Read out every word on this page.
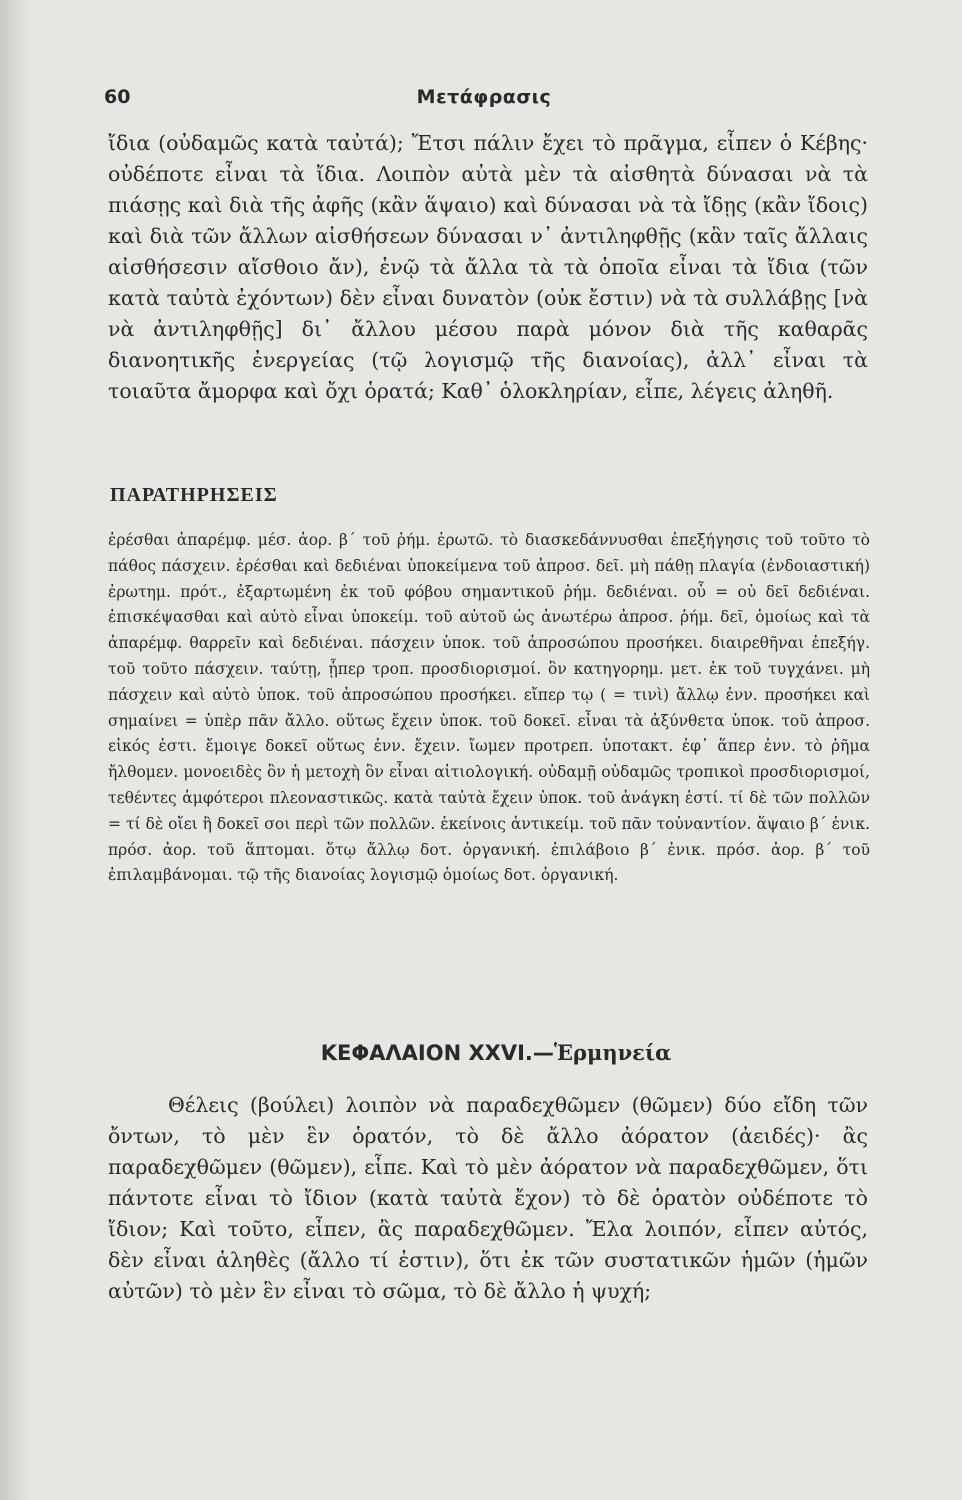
60	Μετάφρασις

ἴδια (οὐδαμῶς κατὰ ταὐτά); Ἔτσι πάλιν ἔχει τὸ πρᾶγμα, εἶπεν ὁ Κέβης· οὐδέποτε εἶναι τὰ ἴδια. Λοιπὸν αὐτὰ μὲν τὰ αἰσθητὰ δύνασαι νὰ τὰ πιάσῃς καὶ διὰ τῆς ἀφῆς (κἂν ἅψαιο) καὶ δύνασαι νὰ τὰ ἴδῃς (κἂν ἴδοις) καὶ διὰ τῶν ἄλλων αἰσθήσεων δύνασαι ν᾽ ἀντιληφθῇς (κἂν ταῖς ἄλλαις αἰσθήσεσιν αἴσθοιο ἄν), ἐνῷ τὰ ἄλλα τὰ τὰ ὁποῖα εἶναι τὰ ἴδια (τῶν κατὰ ταὐτὰ ἐχόντων) δὲν εἶναι δυνατὸν (οὐκ ἔστιν) νὰ τὰ συλλάβῃς [νὰ νὰ ἀντιληφθῇς] δι᾽ ἄλλου μέσου παρὰ μόνον διὰ τῆς καθαρᾶς διανοητικῆς ἐνεργείας (τῷ λογισμῷ τῆς διανοίας), ἀλλ᾽ εἶναι τὰ τοιαῦτα ἄμορφα καὶ ὄχι ὁρατά; Καθ᾽ ὁλοκληρίαν, εἶπε, λέγεις ἀληθῆ.

ΠΑΡΑΤΗΡΗΣΕΙΣ

ἐρέσθαι ἀπαρέμφ. μέσ. ἀορ. β´ τοῦ ῥήμ. ἐρωτῶ. τὸ διασκεδάννυσθαι ἐπεξήγησις τοῦ τοῦτο τὸ πάθος πάσχειν. ἐρέσθαι καὶ δεδιέναι ὑποκείμενα τοῦ ἀπροσ. δεῖ. μὴ πάθῃ πλαγία (ἐνδοιαστική) ἐρωτημ. πρότ., ἐξαρτωμένη ἐκ τοῦ φόβου σημαντικοῦ ῥήμ. δεδιέναι. οὗ = οὐ δεῖ δεδιέναι. ἐπισκέψασθαι καὶ αὐτὸ εἶναι ὑποκείμ. τοῦ αὐτοῦ ὡς ἀνωτέρω ἀπροσ. ῥήμ. δεῖ, ὁμοίως καὶ τὰ ἀπαρέμφ. θαρρεῖν καὶ δεδιέναι. πάσχειν ὑποκ. τοῦ ἀπροσώπου προσήκει. διαιρεθῆναι ἐπεξήγ. τοῦ τοῦτο πάσχειν. ταύτῃ, ᾗπερ τροπ. προσδιορισμοί. ὃν κατηγορημ. μετ. ἐκ τοῦ τυγχάνει. μὴ πάσχειν καὶ αὐτὸ ὑποκ. τοῦ ἀπροσώπου προσήκει. εἴπερ τῳ ( = τινὶ) ἄλλῳ ἐνν. προσήκει καὶ σημαίνει = ὑπὲρ πᾶν ἄλλο. οὕτως ἔχειν ὑποκ. τοῦ δοκεῖ. εἶναι τὰ ἀξύνθετα ὑποκ. τοῦ ἀπροσ. εἰκός ἐστι. ἔμοιγε δοκεῖ οὕτως ἐνν. ἔχειν. ἴωμεν προτρεπ. ὑποτακτ. ἐφ᾽ ἅπερ ἐνν. τὸ ῥῆμα ἤλθομεν. μονοειδὲς ὂν ἡ μετοχὴ ὂν εἶναι αἰτιολογική. οὐδαμῇ οὐδαμῶς τροπικοὶ προσδιορισμοί, τεθέντες ἀμφότεροι πλεοναστικῶς. κατὰ ταὐτὰ ἔχειν ὑποκ. τοῦ ἀνάγκη ἐστί. τί δὲ τῶν πολλῶν = τί δὲ οἴει ἢ δοκεῖ σοι περὶ τῶν πολλῶν. ἐκείνοις ἀντικείμ. τοῦ πᾶν τοὐναντίον. ἅψαιο β´ ἐνικ. πρόσ. ἀορ. τοῦ ἅπτομαι. ὅτῳ ἄλλῳ δοτ. ὀργανική. ἐπιλάβοιο β´ ἐνικ. πρόσ. ἀορ. β´ τοῦ ἐπιλαμβάνομαι. τῷ τῆς διανοίας λογισμῷ ὁμοίως δοτ. ὀργανική.

ΚΕΦΑΛΑΙΟΝ XXVI.—Ἑρμηνεία

Θέλεις (βούλει) λοιπὸν νὰ παραδεχθῶμεν (θῶμεν) δύο εἴδη τῶν ὄντων, τὸ μὲν ἓν ὁρατόν, τὸ δὲ ἄλλο ἀόρατον (ἀειδές)· ἂς παραδεχθῶμεν (θῶμεν), εἶπε. Καὶ τὸ μὲν ἀόρατον νὰ παραδεχθῶμεν, ὅτι πάντοτε εἶναι τὸ ἴδιον (κατὰ ταὐτὰ ἔχον) τὸ δὲ ὁρατὸν οὐδέποτε τὸ ἴδιον; Καὶ τοῦτο, εἶπεν, ἂς παραδεχθῶμεν. Ἔλα λοιπόν, εἶπεν αὐτός, δὲν εἶναι ἀληθὲς (ἄλλο τί ἐστιν), ὅτι ἐκ τῶν συστατικῶν ἡμῶν (ἡμῶν αὐτῶν) τὸ μὲν ἓν εἶναι τὸ σῶμα, τὸ δὲ ἄλλο ἡ ψυχή;
